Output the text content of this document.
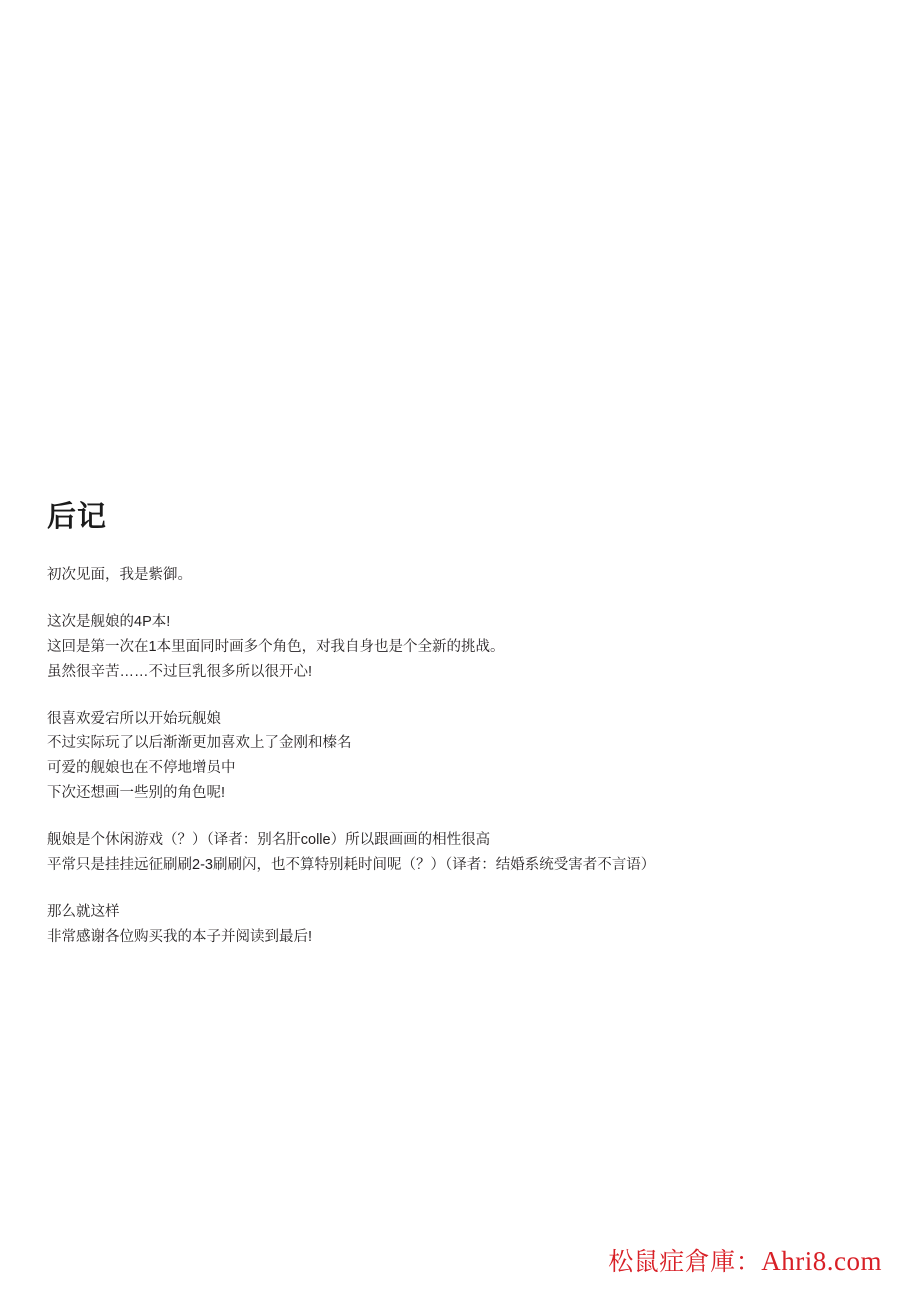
后记
初次见面，我是紫御。
这次是舰娘的4P本!
这回是第一次在1本里面同时画多个角色，对我自身也是个全新的挑战。
虽然很辛苦……不过巨乳很多所以很开心!
很喜欢爱宕所以开始玩舰娘
不过实际玩了以后渐渐更加喜欢上了金刚和榛名
可爱的舰娘也在不停地增员中
下次还想画一些别的角色呢!
舰娘是个休闲游戏（？）（译者：别名肝colle）所以跟画画的相性很高
平常只是挂挂远征刷刷2-3刷刷闪，也不算特别耗时间呢（？）（译者：结婚系统受害者不言语）
那么就这样
非常感谢各位购买我的本子并阅读到最后!
松鼠症倉庫：Ahri8.com
